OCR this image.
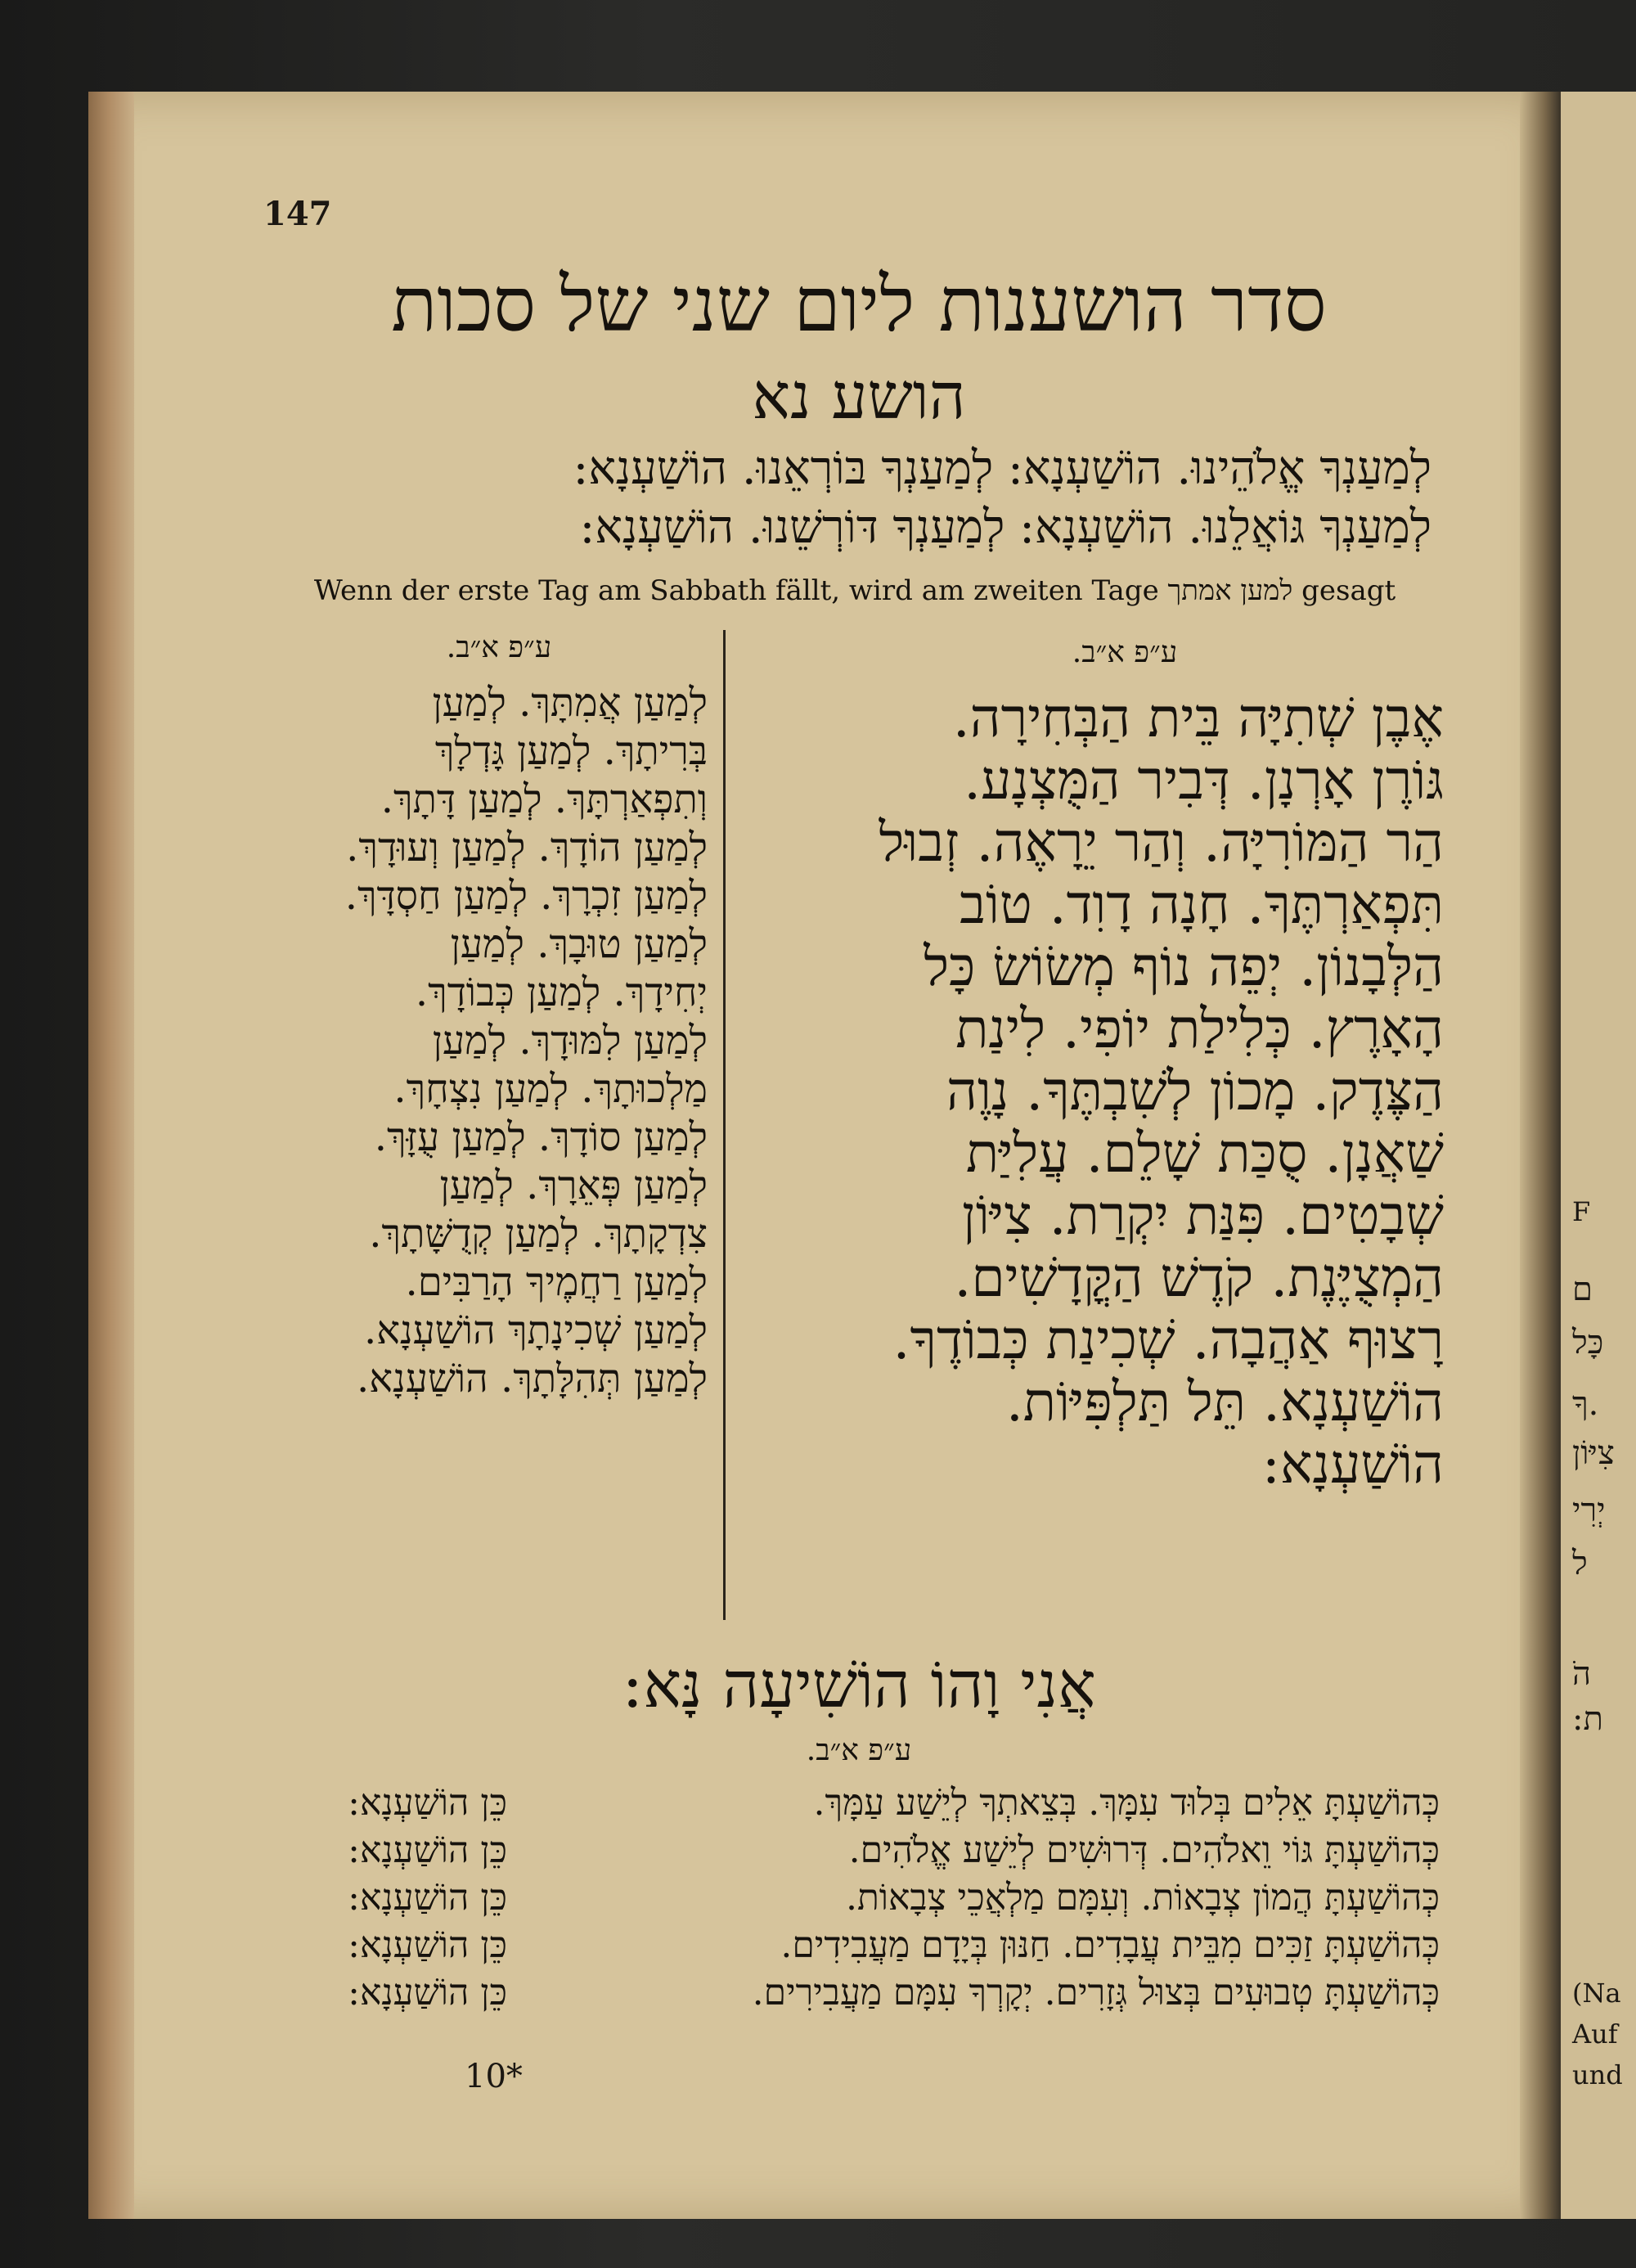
(Na
Auf
und
F
הֹ
ת:
צִיּוֹן
יְרִי
ל
.ךָ
ם
כָּל
147
סדר הושענות ליום שני של סכות
הושע נא
לְמַעַנְךָ אֱלֹהֵינוּ. הוֹשַׁעְנָא: לְמַעַנְךָ בּוֹרְאֵנוּ. הוֹשַׁעְנָא:
לְמַעַנְךָ גּוֹאֲלֵנוּ. הוֹשַׁעְנָא: לְמַעַנְךָ דּוֹרְשֵׁנוּ. הוֹשַׁעְנָא:
Wenn der erste Tag am Sabbath fällt, wird am zweiten Tage למען אמתך gesagt
ע״פ א״ב.	ע״פ א״ב.
לְמַעַן אֲמִתָּךְ. לְמַעַן
בְּרִיתָךְ. לְמַעַן גָּדְלָךְ
וְתִפְאַרְתָּךְ. לְמַעַן דָּתָךְ.
לְמַעַן הוֹדָךְ. לְמַעַן וְעוּדָךְ.
לְמַעַן זִכְרָךְ. לְמַעַן חַסְדָּךְ.
לְמַעַן טוּבָךְ. לְמַעַן
יְחִידָךְ. לְמַעַן כְּבוֹדָךְ.
לְמַעַן לִמּוּדָךְ. לְמַעַן
מַלְכוּתָךְ. לְמַעַן נִצְחָךְ.
לְמַעַן סוֹדָךְ. לְמַעַן עֻזָּךְ.
לְמַעַן פְּאֵרָךְ. לְמַעַן
צִדְקָתָךְ. לְמַעַן קְדֻשָּׁתָךְ.
לְמַעַן רַחֲמֶיךָ הָרַבִּים.
לְמַעַן שְׁכִינָתָךְ הוֹשַׁעְנָא.
לְמַעַן תְּהִלָּתָךְ. הוֹשַׁעְנָא.
אֶבֶן שְׁתִיָּה בֵּית הַבְּחִירָה.
גּוֹרֶן אָרְנָן. דְּבִיר הַמֻּצְנָע.
הַר הַמּוֹרִיָּה. וְהַר יֵרָאֶה. זְבוּל
תִּפְאַרְתֶּךָ. חָנָה דָוִד. טוֹב
הַלְּבָנוֹן. יְפֵה נוֹף מְשׂוֹשׂ כָּל
הָאָרֶץ. כְּלִילַת יוֹפִי. לִינַת
הַצֶּדֶק. מָכוֹן לְשִׁבְתֶּךָ. נָוֶה
שַׁאֲנָן. סֻכַּת שָׁלֵם. עֲלִיַּת
שְׁבָטִים. פִּנַּת יִקְרַת. צִיּוֹן
הַמְצֻיֶּנֶת. קֹדֶשׁ הַקֳּדָשִׁים.
רָצוּף אַהֲבָה. שְׁכִינַת כְּבוֹדֶךָ.
הוֹשַׁעְנָא. תֵּל תַּלְפִּיּוֹת.
הוֹשַׁעְנָא:
אֲנִי וָהוֹ הוֹשִׁיעָה נָּא:
ע״פ א״ב.
כְּהוֹשַׁעְתָּ אֵלִים בְּלוּד עִמָּךְ. בְּצֵאתְךָ לְיֵשַׁע עַמָּךְ.
כְּהוֹשַׁעְתָּ גּוֹי וֵאלֹהִים. דְּרוּשִׁים לְיֵשַׁע אֱלֹהִים.
כְּהוֹשַׁעְתָּ הֲמוֹן צְבָאוֹת. וְעִמָּם מַלְאֲכֵי צְבָאוֹת.
כְּהוֹשַׁעְתָּ זַכִּים מִבֵּית עֲבָדִים. חַנּוּן בְּיָדָם מַעֲבִידִים.
כְּהוֹשַׁעְתָּ טְבוּעִים בְּצוּל גְּזָרִים. יְקָרְךָ עִמָּם מַעֲבִירִים.
כֵּן הוֹשַׁעְנָא:
כֵּן הוֹשַׁעְנָא:
כֵּן הוֹשַׁעְנָא:
כֵּן הוֹשַׁעְנָא:
כֵּן הוֹשַׁעְנָא:
10*
